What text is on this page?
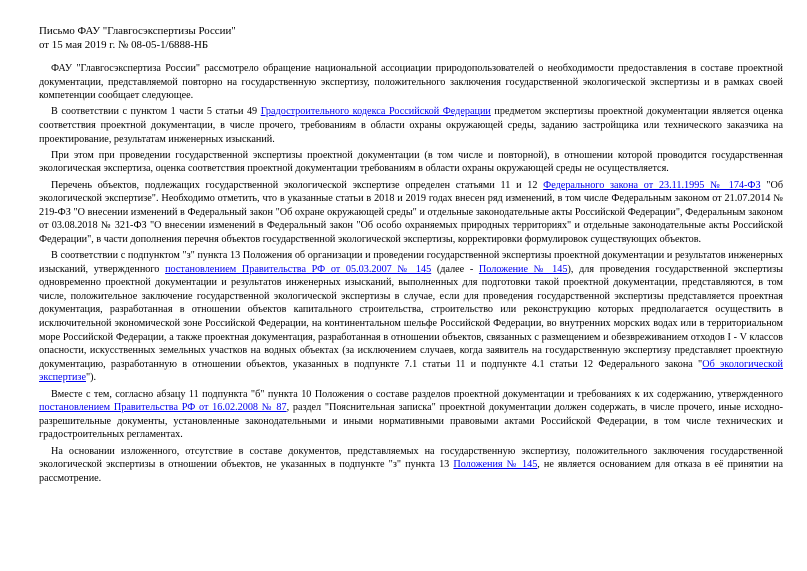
Письмо ФАУ "Главгосэкспертизы России"
от 15 мая 2019 г. № 08-05-1/6888-НБ

ФАУ "Главгосэкспертиза России" рассмотрело обращение национальной ассоциации природопользователей о необходимости предоставления в составе проектной документации, представляемой повторно на государственную экспертизу, положительного заключения государственной экологической экспертизы и в рамках своей компетенции сообщает следующее.

В соответствии с пунктом 1 части 5 статьи 49 Градостроительного кодекса Российской Федерации предметом экспертизы проектной документации является оценка соответствия проектной документации, в числе прочего, требованиям в области охраны окружающей среды, заданию застройщика или технического заказчика на проектирование, результатам инженерных изысканий.

При этом при проведении государственной экспертизы проектной документации (в том числе и повторной), в отношении которой проводится государственная экологическая экспертиза, оценка соответствия проектной документации требованиям в области охраны окружающей среды не осуществляется.

Перечень объектов, подлежащих государственной экологической экспертизе определен статьями 11 и 12 Федерального закона от 23.11.1995 № 174-ФЗ "Об экологической экспертизе". Необходимо отметить, что в указанные статьи в 2018 и 2019 годах внесен ряд изменений, в том числе Федеральным законом от 21.07.2014 № 219-ФЗ "О внесении изменений в Федеральный закон "Об охране окружающей среды" и отдельные законодательные акты Российской Федерации", Федеральным законом от 03.08.2018 № 321-ФЗ "О внесении изменений в Федеральный закон "Об особо охраняемых природных территориях" и отдельные законодательные акты Российской Федерации", в части дополнения перечня объектов государственной экологической экспертизы, корректировки формулировок существующих объектов.

В соответствии с подпунктом "з" пункта 13 Положения об организации и проведении государственной экспертизы проектной документации и результатов инженерных изысканий, утвержденного постановлением Правительства РФ от 05.03.2007 № 145 (далее - Положение № 145), для проведения государственной экспертизы одновременно проектной документации и результатов инженерных изысканий, выполненных для подготовки такой проектной документации, представляются, в том числе, положительное заключение государственной экологической экспертизы в случае, если для проведения государственной экспертизы представляется проектная документация, разработанная в отношении объектов капитального строительства, строительство или реконструкцию которых предполагается осуществить в исключительной экономической зоне Российской Федерации, на континентальном шельфе Российской Федерации, во внутренних морских водах или в территориальном море Российской Федерации, а также проектная документация, разработанная в отношении объектов, связанных с размещением и обезвреживанием отходов I - V классов опасности, искусственных земельных участков на водных объектах (за исключением случаев, когда заявитель на государственную экспертизу представляет проектную документацию, разработанную в отношении объектов, указанных в подпункте 7.1 статьи 11 и подпункте 4.1 статьи 12 Федерального закона "Об экологической экспертизе").

Вместе с тем, согласно абзацу 11 подпункта "б" пункта 10 Положения о составе разделов проектной документации и требованиях к их содержанию, утвержденного постановлением Правительства РФ от 16.02.2008 № 87, раздел "Пояснительная записка" проектной документации должен содержать, в числе прочего, иные исходно-разрешительные документы, установленные законодательными и иными нормативными правовыми актами Российской Федерации, в том числе технических и градостроительных регламентах.

На основании изложенного, отсутствие в составе документов, представляемых на государственную экспертизу, положительного заключения государственной экологической экспертизы в отношении объектов, не указанных в подпункте "з" пункта 13 Положения № 145, не является основанием для отказа в её принятии на рассмотрение.
